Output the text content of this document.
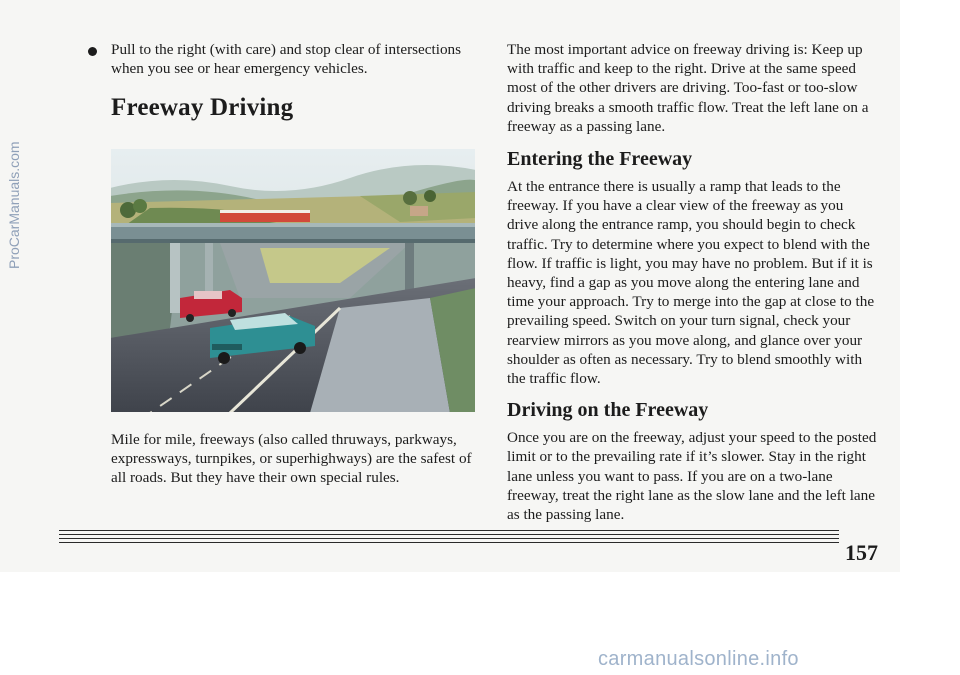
Pull to the right (with care) and stop clear of intersections when you see or hear emergency vehicles.

Freeway Driving

Mile for mile, freeways (also called thruways, parkways, expressways, turnpikes, or superhighways) are the safest of all roads. But they have their own special rules.

The most important advice on freeway driving is: Keep up with traffic and keep to the right. Drive at the same speed most of the other drivers are driving. Too-fast or too-slow driving breaks a smooth traffic flow. Treat the left lane on a freeway as a passing lane.

Entering the Freeway

At the entrance there is usually a ramp that leads to the freeway. If you have a clear view of the freeway as you drive along the entrance ramp, you should begin to check traffic. Try to determine where you expect to blend with the flow. If traffic is light, you may have no problem. But if it is heavy, find a gap as you move along the entering lane and time your approach. Try to merge into the gap at close to the prevailing speed. Switch on your turn signal, check your rearview mirrors as you move along, and glance over your shoulder as often as necessary. Try to blend smoothly with the traffic flow.

Driving on the Freeway

Once you are on the freeway, adjust your speed to the posted limit or to the prevailing rate if it’s slower. Stay in the right lane unless you want to pass. If you are on a two-lane freeway, treat the right lane as the slow lane and the left lane as the passing lane.

157
ProCarManuals.com
carmanualsonline.info
